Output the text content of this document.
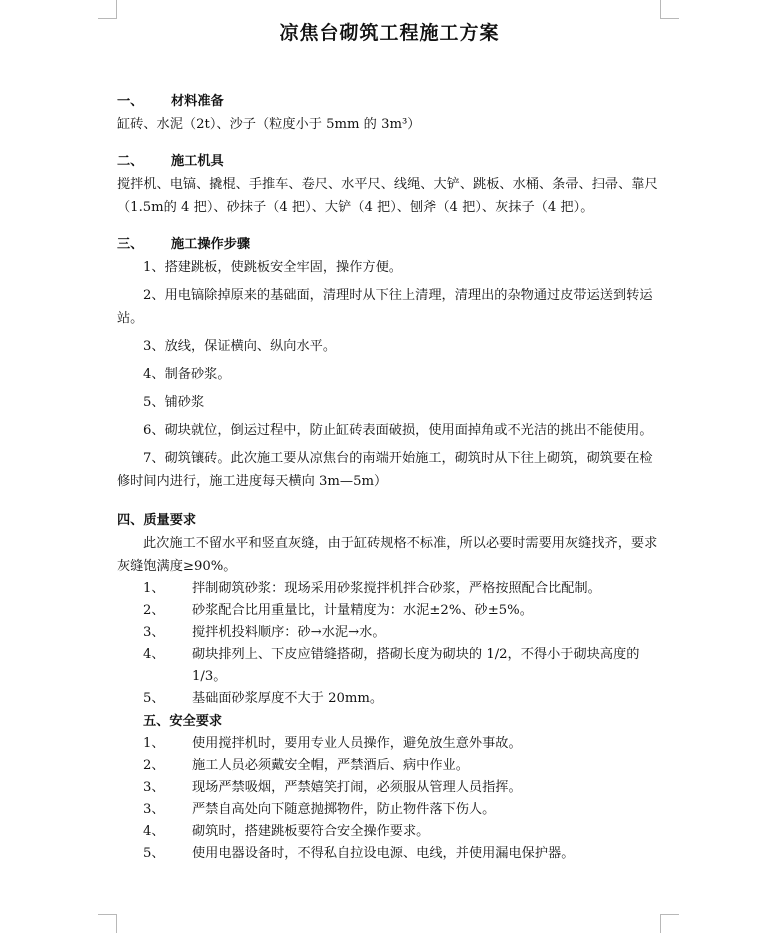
凉焦台砌筑工程施工方案
一、 材料准备

缸砖、水泥（2t）、沙子（粒度小于 5mm 的 3m³）

二、 施工机具

搅拌机、电镐、撬棍、手推车、卷尺、水平尺、线绳、大铲、跳板、水桶、条帚、扫帚、靠尺（1.5m的 4 把）、砂抹子（4 把）、大铲（4 把）、刨斧（4 把）、灰抹子（4 把）。

三、 施工操作步骤

1、搭建跳板，使跳板安全牢固，操作方便。

2、用电镐除掉原来的基础面，清理时从下往上清理，清理出的杂物通过皮带运送到转运站。

3、放线，保证横向、纵向水平。

4、制备砂浆。

5、铺砂浆

6、砌块就位，倒运过程中，防止缸砖表面破损，使用面掉角或不光洁的挑出不能使用。

7、砌筑镶砖。此次施工要从凉焦台的南端开始施工，砌筑时从下往上砌筑，砌筑要在检修时间内进行，施工进度每天横向 3m—5m）

四、质量要求

此次施工不留水平和竖直灰缝，由于缸砖规格不标准，所以必要时需要用灰缝找齐，要求灰缝饱满度≥90%。

1、 拌制砌筑砂浆：现场采用砂浆搅拌机拌合砂浆，严格按照配合比配制。
2、 砂浆配合比用重量比，计量精度为：水泥±2%、砂±5%。
3、 搅拌机投料顺序：砂→水泥→水。
4、 砌块排列上、下皮应错缝搭砌，搭砌长度为砌块的 1/2，不得小于砌块高度的 1/3。
5、 基础面砂浆厚度不大于 20mm。
五、安全要求
1、 使用搅拌机时，要用专业人员操作，避免放生意外事故。
2、 施工人员必须戴安全帽，严禁酒后、病中作业。
3、 现场严禁吸烟，严禁嬉笑打闹，必须服从管理人员指挥。
3、 严禁自高处向下随意抛掷物件，防止物件落下伤人。
4、 砌筑时，搭建跳板要符合安全操作要求。
5、 使用电器设备时，不得私自拉设电源、电线，并使用漏电保护器。
